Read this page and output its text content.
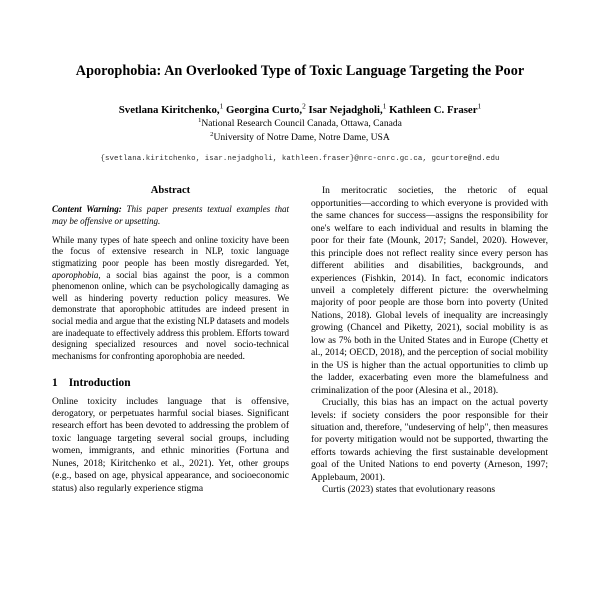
Aporophobia: An Overlooked Type of Toxic Language Targeting the Poor

Svetlana Kiritchenko,$^1$ Georgina Curto,$^2$ Isar Nejadgholi,$^1$ Kathleen C. Fraser$^1$

$^1$National Research Council Canada, Ottawa, Canada

$^2$University of Notre Dame, Notre Dame, USA

{svetlana.kiritchenko, isar.nejadgholi, kathleen.fraser}@nrc-cnrc.gc.ca, gcurtore@nd.edu

Abstract

Content Warning: This paper presents textual examples that may be offensive or upsetting.

While many types of hate speech and online toxicity have been the focus of extensive research in NLP, toxic language stigmatizing poor people has been mostly disregarded. Yet, aporophobia, a social bias against the poor, is a common phenomenon online, which can be psychologically damaging as well as hindering poverty reduction policy measures. We demonstrate that aporophobic attitudes are indeed present in social media and argue that the existing NLP datasets and models are inadequate to effectively address this problem. Efforts toward designing specialized resources and novel socio-technical mechanisms for confronting aporophobia are needed.

1 Introduction

Online toxicity includes language that is offensive, derogatory, or perpetuates harmful social biases. Significant research effort has been devoted to addressing the problem of toxic language targeting several social groups, including women, immigrants, and ethnic minorities (Fortuna and Nunes, 2018; Kiritchenko et al., 2021). Yet, other groups (e.g., based on age, physical appearance, and socioeconomic status) also regularly experience stigma

In meritocratic societies, the rhetoric of equal opportunities—according to which everyone is provided with the same chances for success—assigns the responsibility for one's welfare to each individual and results in blaming the poor for their fate (Mounk, 2017; Sandel, 2020). However, this principle does not reflect reality since every person has different abilities and disabilities, backgrounds, and experiences (Fishkin, 2014). In fact, economic indicators unveil a completely different picture: the overwhelming majority of poor people are those born into poverty (United Nations, 2018). Global levels of inequality are increasingly growing (Chancel and Piketty, 2021), social mobility is as low as 7% both in the United States and in Europe (Chetty et al., 2014; OECD, 2018), and the perception of social mobility in the US is higher than the actual opportunities to climb up the ladder, exacerbating even more the blamefulness and criminalization of the poor (Alesina et al., 2018).

Crucially, this bias has an impact on the actual poverty levels: if society considers the poor responsible for their situation and, therefore, "undeserving of help", then measures for poverty mitigation would not be supported, thwarting the efforts towards achieving the first sustainable development goal of the United Nations to end poverty (Arneson, 1997; Applebaum, 2001).

Curtis (2023) states that evolutionary reasons
